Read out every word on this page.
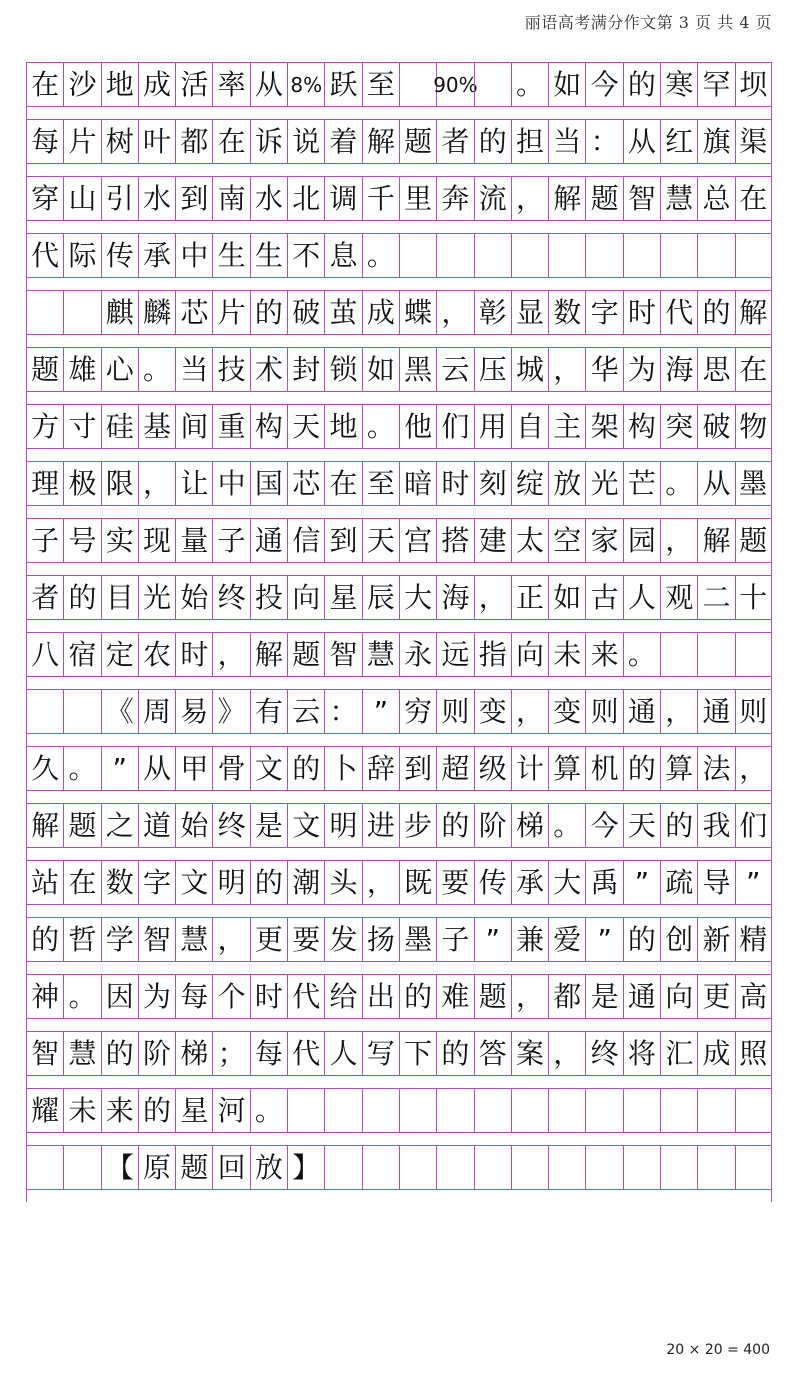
丽语高考满分作文第 3 页 共 4 页
在 沙 地 成 活 率 从 8% 跃 至 90% 。 如 今 的 寒 罕 坝
每 片 树 叶 都 在 诉 说 着 解 题 者 的 担 当 ： 从 红 旗 渠
穿 山 引 水 到 南 水 北 调 千 里 奔 流 ， 解 题 智 慧 总 在
代 际 传 承 中 生 生 不 息 。
麒 麟 芯 片 的 破 茧 成 蝶 ， 彰 显 数 字 时 代 的 解
题 雄 心 。 当 技 术 封 锁 如 黑 云 压 城 ， 华 为 海 思 在
方 寸 硅 基 间 重 构 天 地 。 他 们 用 自 主 架 构 突 破 物
理 极 限 ， 让 中 国 芯 在 至 暗 时 刻 绽 放 光 芒 。 从 墨
子 号 实 现 量 子 通 信 到 天 宫 搭 建 太 空 家 园 ， 解 题
者 的 目 光 始 终 投 向 星 辰 大 海 ， 正 如 古 人 观 二 十
八 宿 定 农 时 ， 解 题 智 慧 永 远 指 向 未 来 。
《 周 易 》 有 云 ： ” 穷 则 变 ， 变 则 通 ， 通 则
久 。 ” 从 甲 骨 文 的 卜 辞 到 超 级 计 算 机 的 算 法 ，
解 题 之 道 始 终 是 文 明 进 步 的 阶 梯 。 今 天 的 我 们
站 在 数 字 文 明 的 潮 头 ， 既 要 传 承 大 禹 ” 疏 导 ”
的 哲 学 智 慧 ， 更 要 发 扬 墨 子 ” 兼 爱 ” 的 创 新 精
神 。 因 为 每 个 时 代 给 出 的 难 题 ， 都 是 通 向 更 高
智 慧 的 阶 梯 ； 每 代 人 写 下 的 答 案 ， 终 将 汇 成 照
耀 未 来 的 星 河 。
【 原 题 回 放 】
20 × 20 = 400
